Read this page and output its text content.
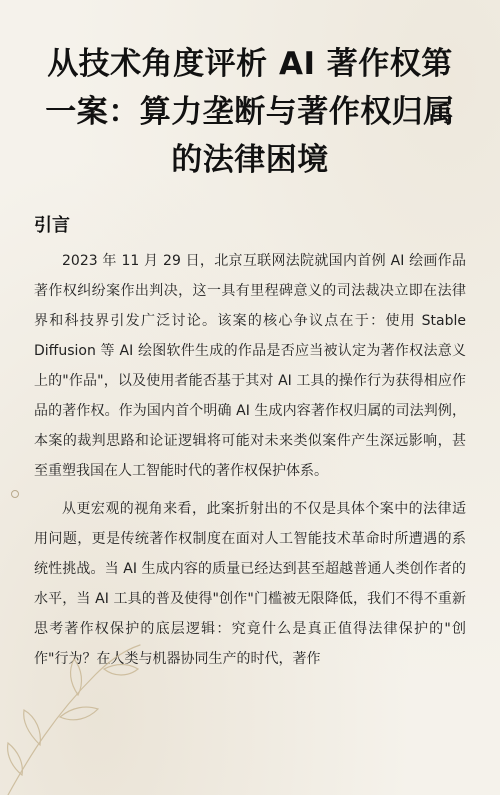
从技术角度评析 AI 著作权第一案：算力垄断与著作权归属的法律困境
引言

2023 年 11 月 29 日，北京互联网法院就国内首例 AI 绘画作品著作权纠纷案作出判决，这一具有里程碑意义的司法裁决立即在法律界和科技界引发广泛讨论。该案的核心争议点在于：使用 Stable Diffusion 等 AI 绘图软件生成的作品是否应当被认定为著作权法意义上的"作品"，以及使用者能否基于其对 AI 工具的操作行为获得相应作品的著作权。作为国内首个明确 AI 生成内容著作权归属的司法判例，本案的裁判思路和论证逻辑将可能对未来类似案件产生深远影响，甚至重塑我国在人工智能时代的著作权保护体系。

从更宏观的视角来看，此案折射出的不仅是具体个案中的法律适用问题，更是传统著作权制度在面对人工智能技术革命时所遭遇的系统性挑战。当 AI 生成内容的质量已经达到甚至超越普通人类创作者的水平，当 AI 工具的普及使得"创作"门槛被无限降低，我们不得不重新思考著作权保护的底层逻辑：究竟什么是真正值得法律保护的"创作"行为？在人类与机器协同生产的时代，著作
